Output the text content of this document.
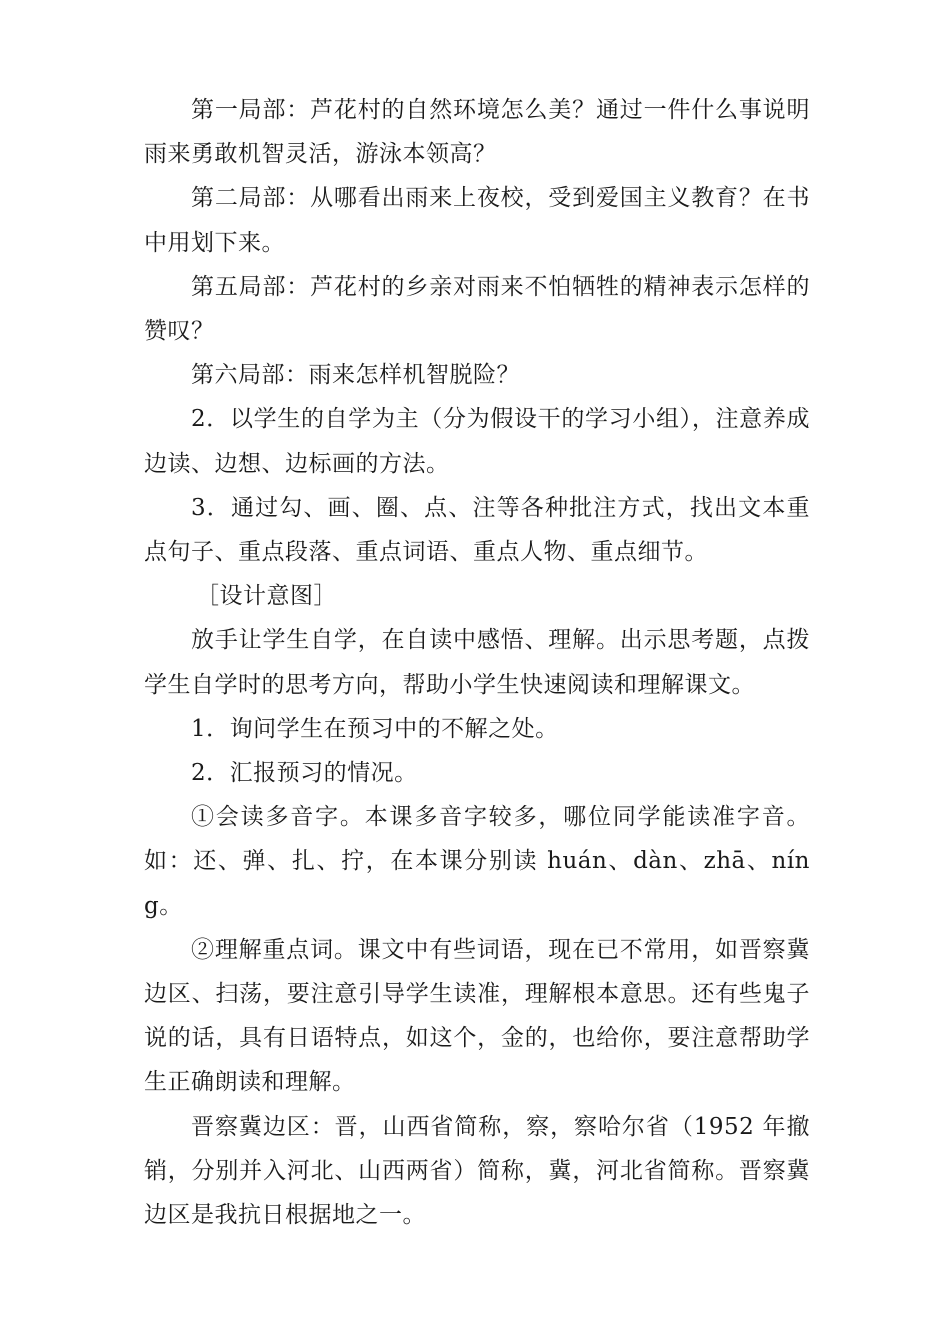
第一局部：芦花村的自然环境怎么美？通过一件什么事说明雨来勇敢机智灵活，游泳本领高？

第二局部：从哪看出雨来上夜校，受到爱国主义教育？在书中用划下来。

第五局部：芦花村的乡亲对雨来不怕牺牲的精神表示怎样的赞叹？

第六局部：雨来怎样机智脱险？

2．以学生的自学为主（分为假设干的学习小组），注意养成边读、边想、边标画的方法。

3．通过勾、画、圈、点、注等各种批注方式，找出文本重点句子、重点段落、重点词语、重点人物、重点细节。

［设计意图］

放手让学生自学，在自读中感悟、理解。出示思考题，点拨学生自学时的思考方向，帮助小学生快速阅读和理解课文。

1．询问学生在预习中的不解之处。

2．汇报预习的情况。

①会读多音字。本课多音字较多，哪位同学能读准字音。如：还、弹、扎、拧，在本课分别读 huán、dàn、zhā、níng。

②理解重点词。课文中有些词语，现在已不常用，如晋察冀边区、扫荡，要注意引导学生读准，理解根本意思。还有些鬼子说的话，具有日语特点，如这个，金的，也给你，要注意帮助学生正确朗读和理解。

晋察冀边区：晋，山西省简称，察，察哈尔省（1952 年撤销，分别并入河北、山西两省）简称，冀，河北省简称。晋察冀边区是我抗日根据地之一。
